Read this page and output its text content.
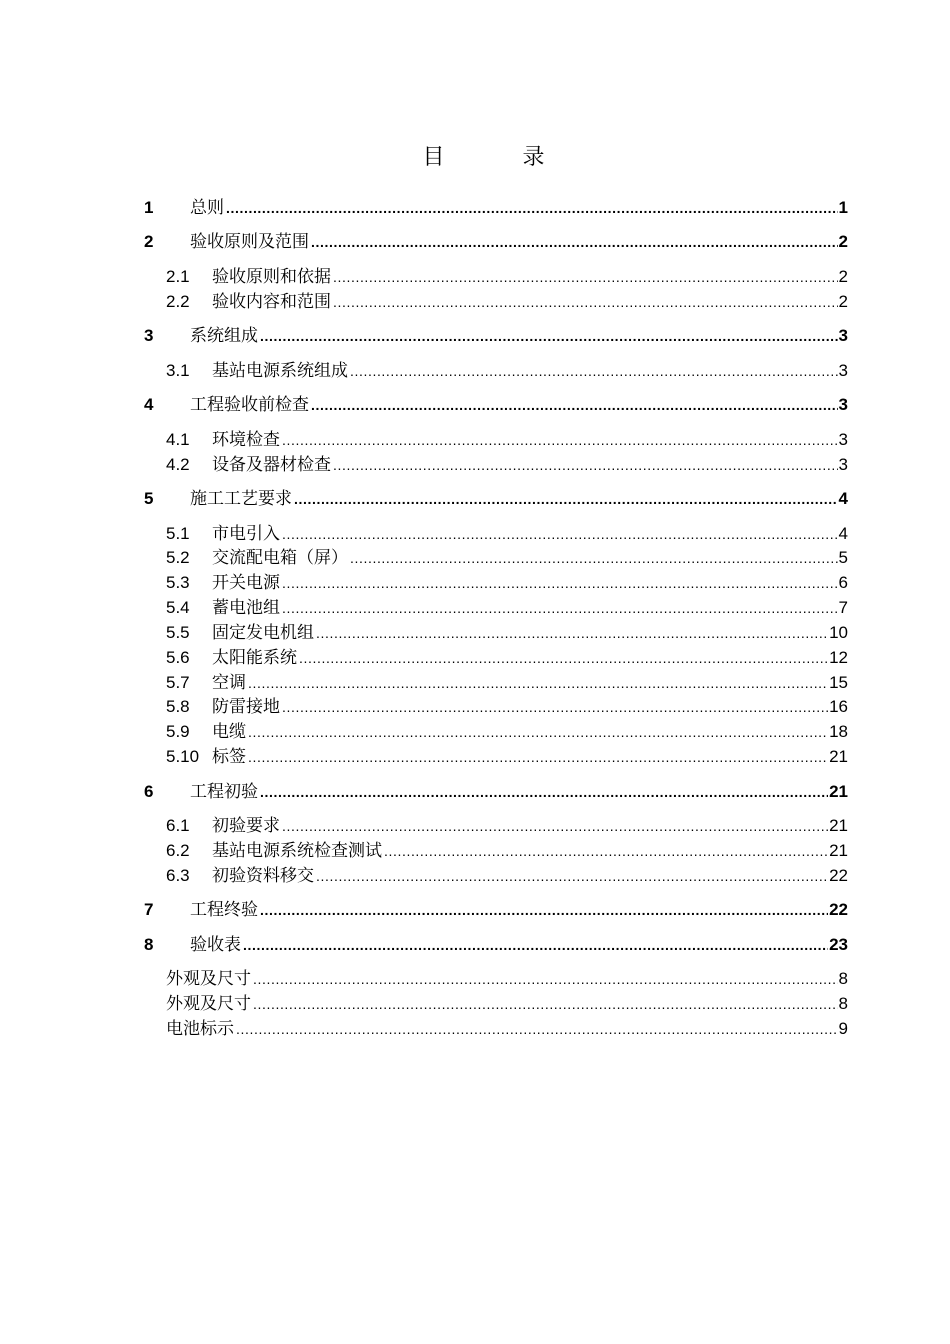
目　录
1 总则 .....	1
2 验收原则及范围 .....	2
2.1 验收原则和依据 .....	2
2.2 验收内容和范围 .....	2
3 系统组成 .....	3
3.1 基站电源系统组成 .....	3
4 工程验收前检查 .....	3
4.1 环境检查 .....	3
4.2 设备及器材检查 .....	3
5 施工工艺要求 .....	4
5.1 市电引入 .....	4
5.2 交流配电箱（屏） .....	5
5.3 开关电源 .....	6
5.4 蓄电池组 .....	7
5.5 固定发电机组 .....	10
5.6 太阳能系统 .....	12
5.7 空调 .....	15
5.8 防雷接地 .....	16
5.9 电缆 .....	18
5.10 标签 .....	21
6 工程初验 .....	21
6.1 初验要求 .....	21
6.2 基站电源系统检查测试 .....	21
6.3 初验资料移交 .....	22
7 工程终验 .....	22
8 验收表 .....	23
外观及尺寸 .....	8
外观及尺寸 .....	8
电池标示 .....	9
